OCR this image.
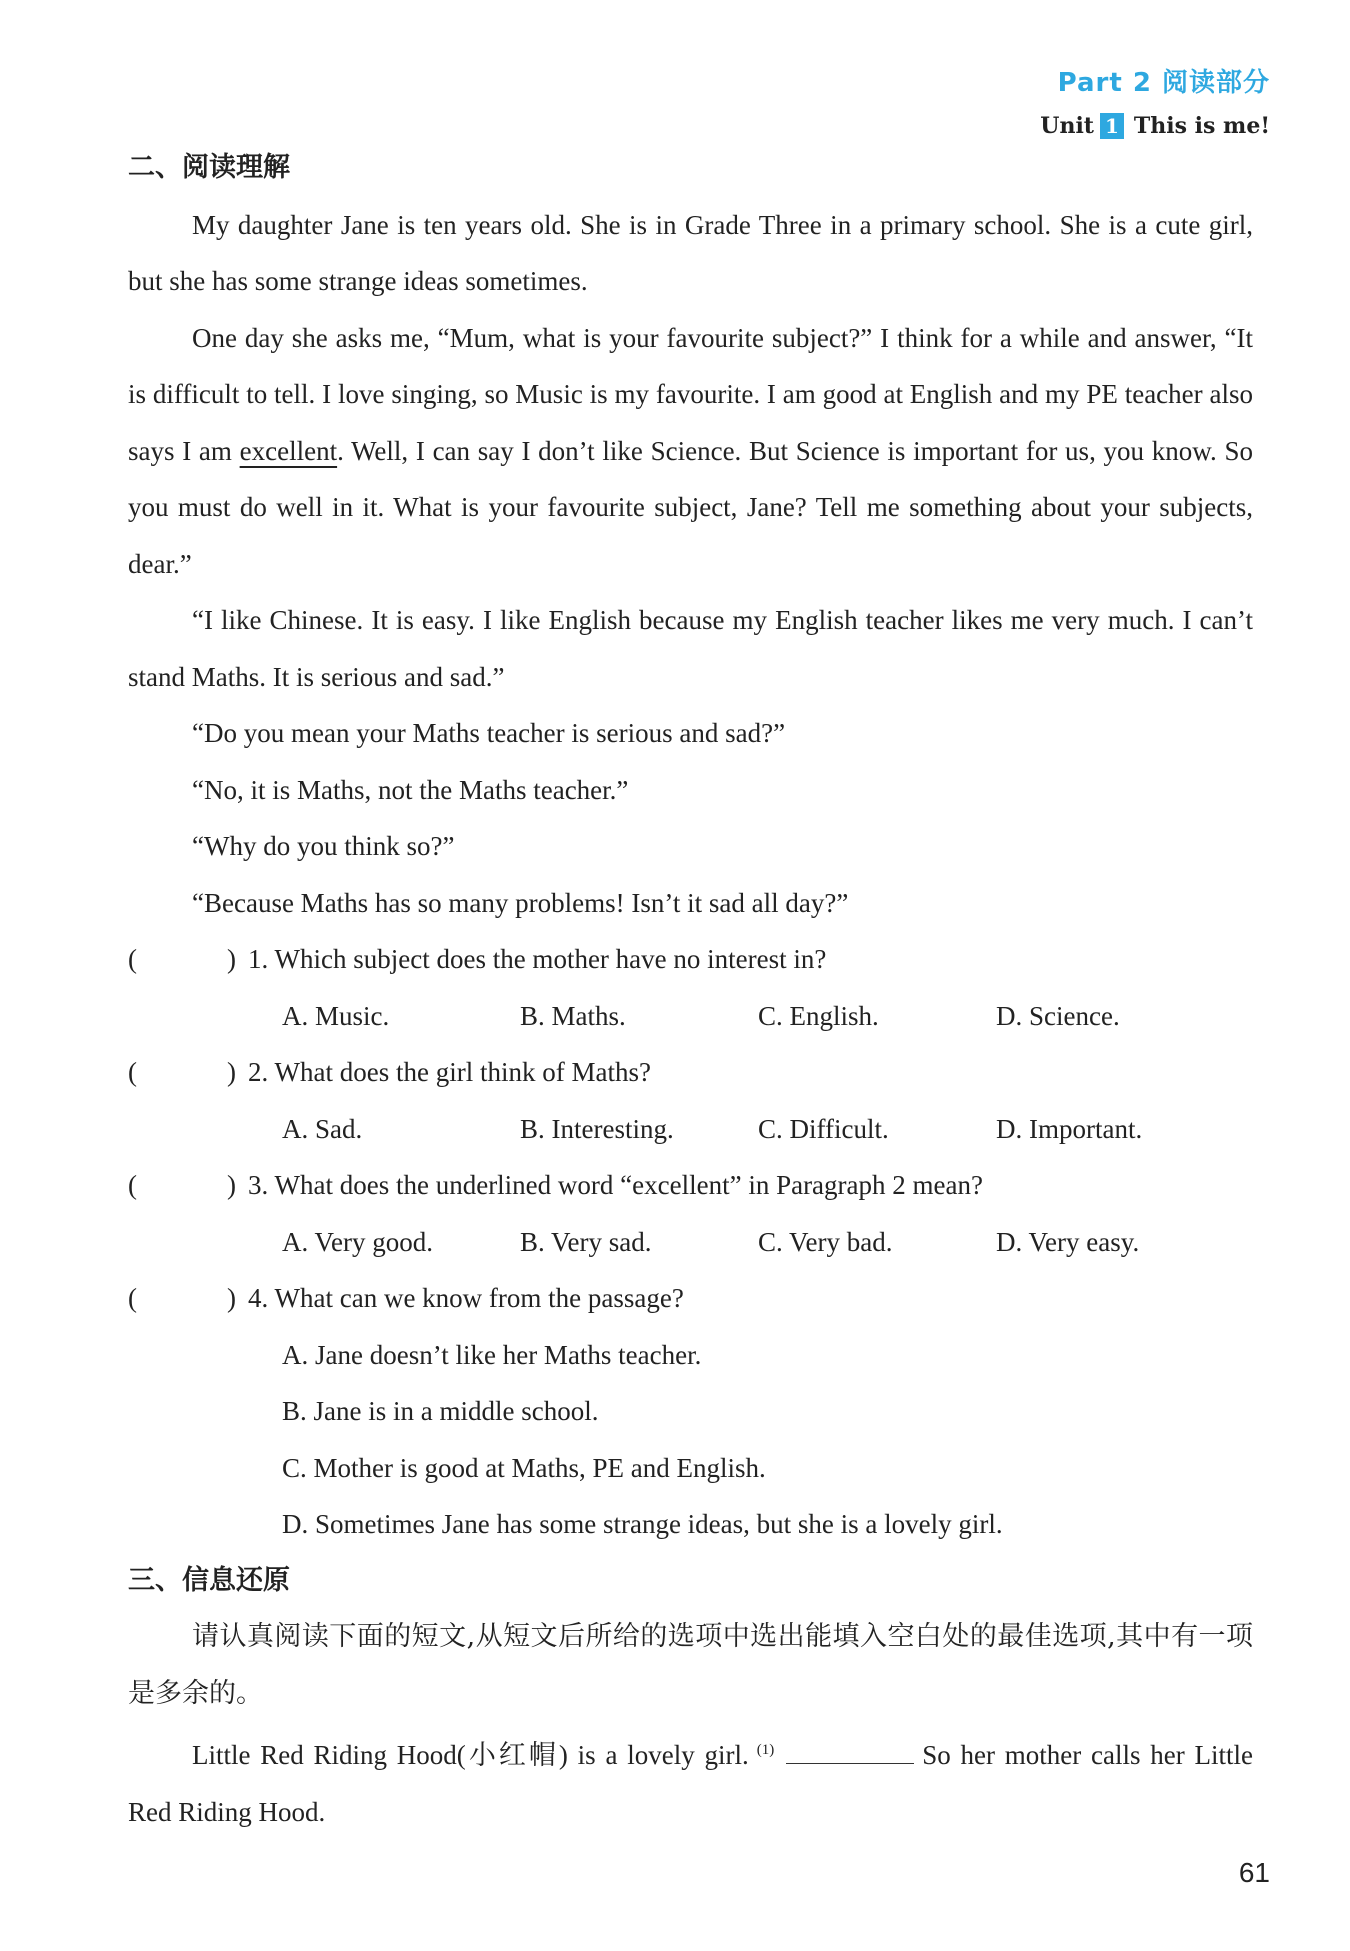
Part 2 阅读部分
Unit 1 This is me!
二、阅读理解

My daughter Jane is ten years old. She is in Grade Three in a primary school. She is a cute girl, but she has some strange ideas sometimes.

One day she asks me, “Mum, what is your favourite subject?” I think for a while and answer, “It is difficult to tell. I love singing, so Music is my favourite. I am good at English and my PE teacher also says I am excellent. Well, I can say I don’t like Science. But Science is important for us, you know. So you must do well in it. What is your favourite subject, Jane? Tell me something about your subjects, dear.”

“I like Chinese. It is easy. I like English because my English teacher likes me very much. I can’t stand Maths. It is serious and sad.”

“Do you mean your Maths teacher is serious and sad?”

“No, it is Maths, not the Maths teacher.”

“Why do you think so?”

“Because Maths has so many problems! Isn’t it sad all day?”

(	) 1. Which subject does the mother have no interest in?
A. Music.	B. Maths.	C. English.	D. Science.
(	) 2. What does the girl think of Maths?
A. Sad.	B. Interesting.	C. Difficult.	D. Important.
(	) 3. What does the underlined word “excellent” in Paragraph 2 mean?
A. Very good.	B. Very sad.	C. Very bad.	D. Very easy.
(	) 4. What can we know from the passage?

A. Jane doesn’t like her Maths teacher.

B. Jane is in a middle school.

C. Mother is good at Maths, PE and English.

D. Sometimes Jane has some strange ideas, but she is a lovely girl.

三、信息还原

请认真阅读下面的短文,从短文后所给的选项中选出能填入空白处的最佳选项,其中有一项是多余的。

Little Red Riding Hood(小红帽) is a lovely girl. $^{(1)}$	So her mother calls her Little Red Riding Hood.

61
